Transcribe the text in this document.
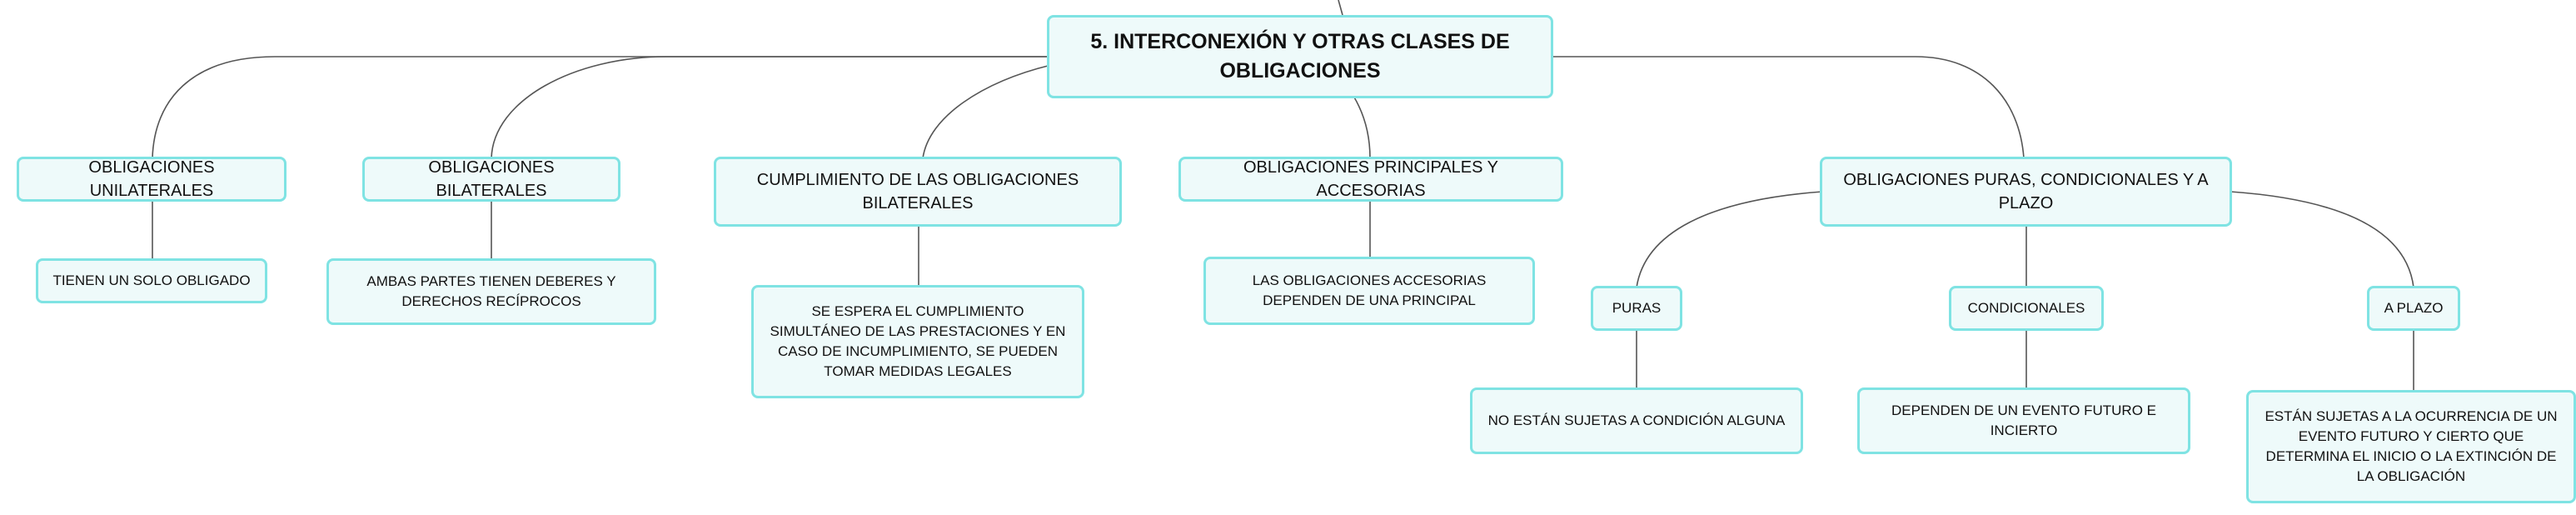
5. INTERCONEXIÓN Y OTRAS CLASES DE OBLIGACIONES
OBLIGACIONES UNILATERALES
TIENEN UN SOLO OBLIGADO
OBLIGACIONES BILATERALES
AMBAS PARTES TIENEN DEBERES Y DERECHOS RECÍPROCOS
CUMPLIMIENTO DE LAS OBLIGACIONES BILATERALES
SE ESPERA EL CUMPLIMIENTO SIMULTÁNEO DE LAS PRESTACIONES Y EN CASO DE INCUMPLIMIENTO, SE PUEDEN TOMAR MEDIDAS LEGALES
OBLIGACIONES PRINCIPALES Y ACCESORIAS
LAS OBLIGACIONES ACCESORIAS DEPENDEN DE UNA PRINCIPAL
OBLIGACIONES PURAS, CONDICIONALES Y A PLAZO
PURAS
NO ESTÁN SUJETAS A CONDICIÓN ALGUNA
CONDICIONALES
DEPENDEN DE UN EVENTO FUTURO E INCIERTO
A PLAZO
ESTÁN SUJETAS A LA OCURRENCIA DE UN EVENTO FUTURO Y CIERTO QUE DETERMINA EL INICIO O LA EXTINCIÓN DE LA OBLIGACIÓN
